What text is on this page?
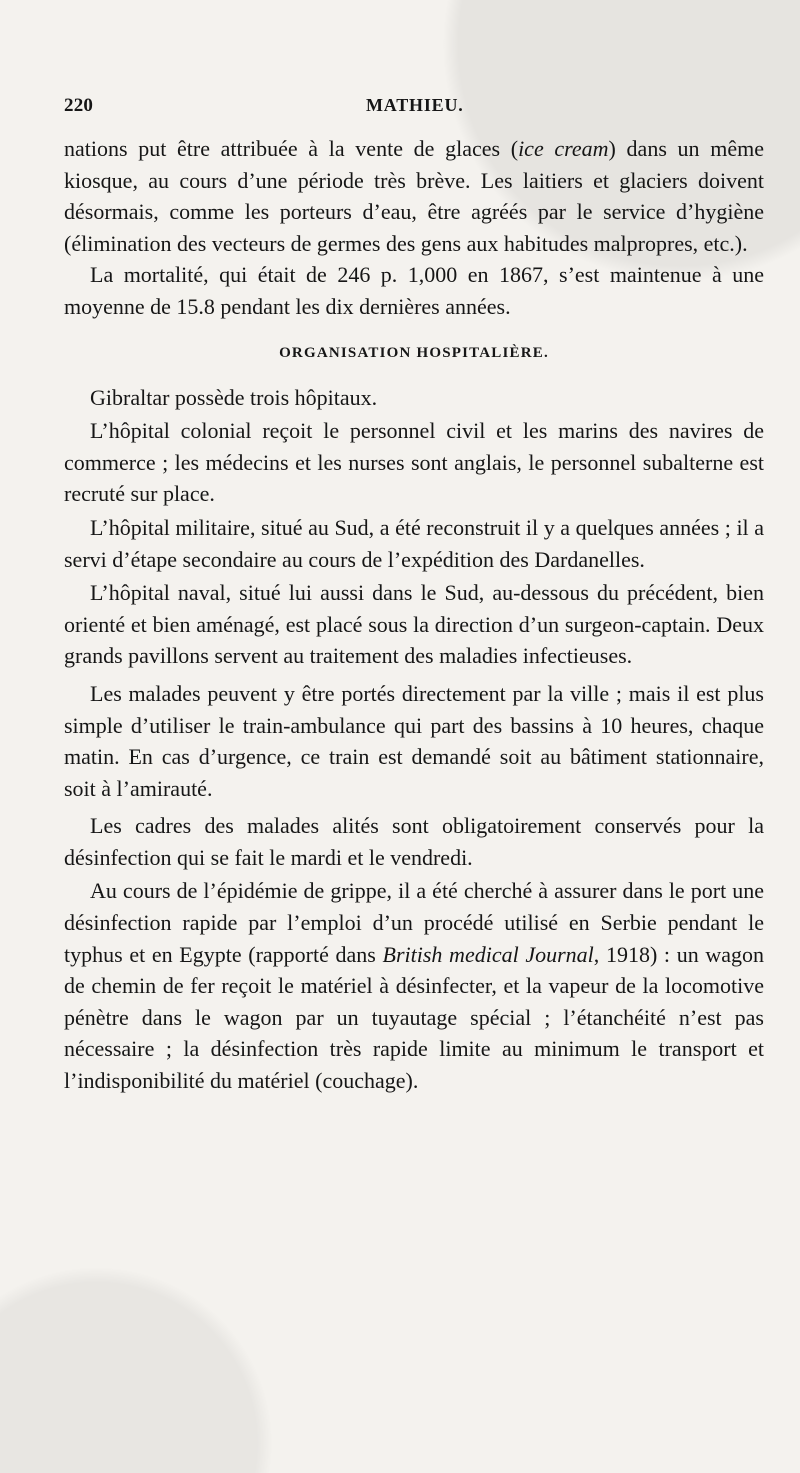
220	MATHIEU.

nations put être attribuée à la vente de glaces (ice cream) dans un même kiosque, au cours d’une période très brève. Les laitiers et glaciers doivent désormais, comme les porteurs d’eau, être agréés par le service d’hygiène (élimination des vecteurs de germes des gens aux habitudes malpropres, etc.).

La mortalité, qui était de 246 p. 1,000 en 1867, s’est maintenue à une moyenne de 15.8 pendant les dix dernières années.

ORGANISATION HOSPITALIÈRE.

Gibraltar possède trois hôpitaux.

L’hôpital colonial reçoit le personnel civil et les marins des navires de commerce ; les médecins et les nurses sont anglais, le personnel subalterne est recruté sur place.

L’hôpital militaire, situé au Sud, a été reconstruit il y a quelques années ; il a servi d’étape secondaire au cours de l’expédition des Dardanelles.

L’hôpital naval, situé lui aussi dans le Sud, au-dessous du précédent, bien orienté et bien aménagé, est placé sous la direction d’un surgeon-captain. Deux grands pavillons servent au traitement des maladies infectieuses.

Les malades peuvent y être portés directement par la ville ; mais il est plus simple d’utiliser le train-ambulance qui part des bassins à 10 heures, chaque matin. En cas d’urgence, ce train est demandé soit au bâtiment stationnaire, soit à l’amirauté.

Les cadres des malades alités sont obligatoirement conservés pour la désinfection qui se fait le mardi et le vendredi.

Au cours de l’épidémie de grippe, il a été cherché à assurer dans le port une désinfection rapide par l’emploi d’un procédé utilisé en Serbie pendant le typhus et en Egypte (rapporté dans British medical Journal, 1918) : un wagon de chemin de fer reçoit le matériel à désinfecter, et la vapeur de la locomotive pénètre dans le wagon par un tuyautage spécial ; l’étanchéité n’est pas nécessaire ; la désinfection très rapide limite au minimum le transport et l’indisponibilité du matériel (couchage).
